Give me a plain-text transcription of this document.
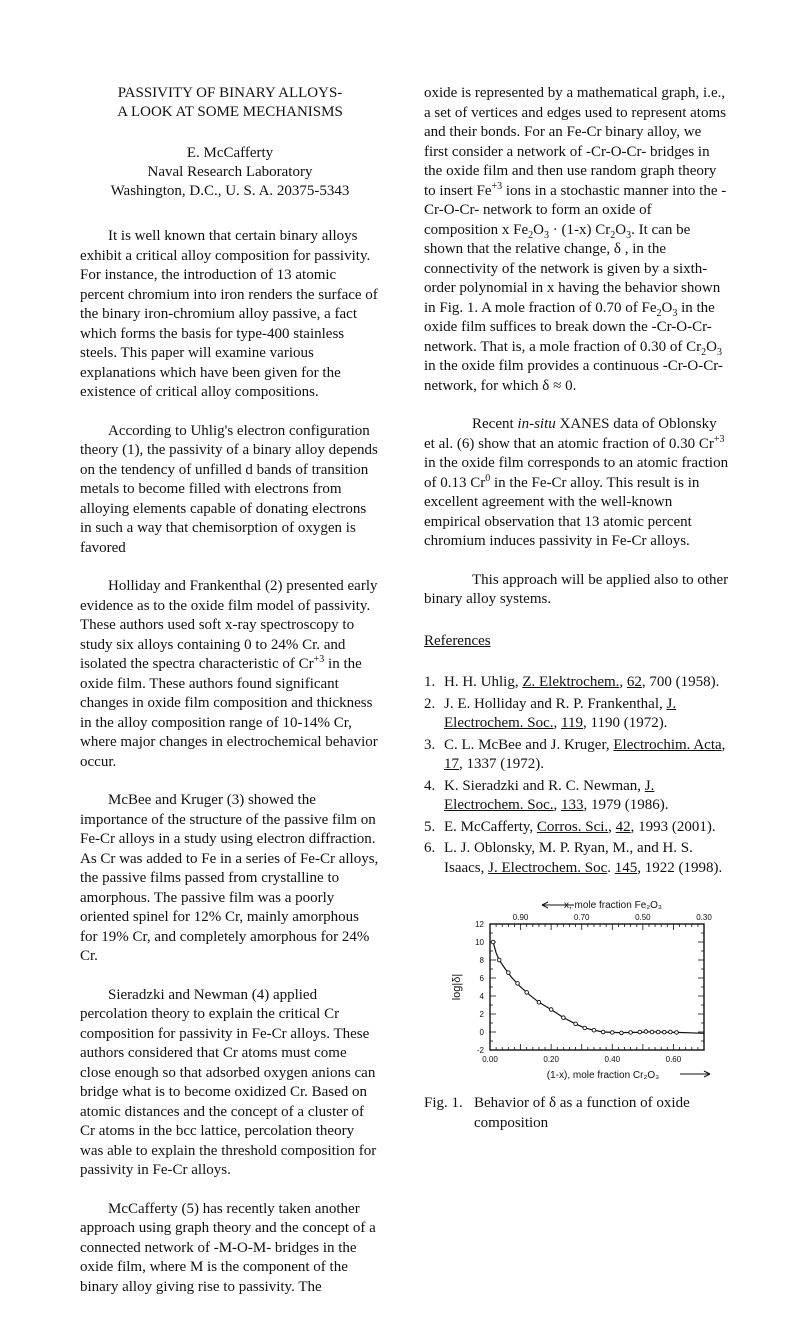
PASSIVITY OF BINARY ALLOYS-
A LOOK AT SOME MECHANISMS
E. McCafferty
Naval Research Laboratory
Washington, D.C., U. S. A. 20375-5343

It is well known that certain binary alloys exhibit a critical alloy composition for passivity. For instance, the introduction of 13 atomic percent chromium into iron renders the surface of the binary iron-chromium alloy passive, a fact which forms the basis for type-400 stainless steels. This paper will examine various explanations which have been given for the existence of critical alloy compositions.

According to Uhlig's electron configuration theory (1), the passivity of a binary alloy depends on the tendency of unfilled d bands of transition metals to become filled with electrons from alloying elements capable of donating electrons in such a way that chemisorption of oxygen is favored

Holliday and Frankenthal (2) presented early evidence as to the oxide film model of passivity. These authors used soft x-ray spectroscopy to study six alloys containing 0 to 24% Cr. and isolated the spectra characteristic of $Cr^{+3}$ in the oxide film. These authors found significant changes in oxide film composition and thickness in the alloy composition range of 10-14% Cr, where major changes in electrochemical behavior occur.

McBee and Kruger (3) showed the importance of the structure of the passive film on Fe-Cr alloys in a study using electron diffraction. As Cr was added to Fe in a series of Fe-Cr alloys, the passive films passed from crystalline to amorphous. The passive film was a poorly oriented spinel for 12% Cr, mainly amorphous for 19% Cr, and completely amorphous for 24% Cr.

Sieradzki and Newman (4) applied percolation theory to explain the critical Cr composition for passivity in Fe-Cr alloys. These authors considered that Cr atoms must come close enough so that adsorbed oxygen anions can bridge what is to become oxidized Cr. Based on atomic distances and the concept of a cluster of Cr atoms in the bcc lattice, percolation theory was able to explain the threshold composition for passivity in Fe-Cr alloys.

McCafferty (5) has recently taken another approach using graph theory and the concept of a connected network of -M-O-M- bridges in the oxide film, where M is the component of the binary alloy giving rise to passivity. The

oxide is represented by a mathematical graph, i.e., a set of vertices and edges used to represent atoms and their bonds. For an Fe-Cr binary alloy, we first consider a network of -Cr-O-Cr- bridges in the oxide film and then use random graph theory to insert $Fe^{+3}$ ions in a stochastic manner into the -Cr-O-Cr- network to form an oxide of composition x $Fe_2O_3 \cdot (1-x)$ $Cr_2O_3$. It can be shown that the relative change, δ , in the connectivity of the network is given by a sixth-order polynomial in x having the behavior shown in Fig. 1. A mole fraction of 0.70 of $Fe_2O_3$ in the oxide film suffices to break down the -Cr-O-Cr- network. That is, a mole fraction of 0.30 of $Cr_2O_3$ in the oxide film provides a continuous -Cr-O-Cr- network, for which δ ≈ 0.

Recent in-situ XANES data of Oblonsky et al. (6) show that an atomic fraction of 0.30 $Cr^{+3}$ in the oxide film corresponds to an atomic fraction of 0.13 Cr$^0$ in the Fe-Cr alloy. This result is in excellent agreement with the well-known empirical observation that 13 atomic percent chromium induces passivity in Fe-Cr alloys.

This approach will be applied also to other binary alloy systems.

References
1. H. H. Uhlig, Z. Elektrochem., 62, 700 (1958).
2. J. E. Holliday and R. P. Frankenthal, J. Electrochem. Soc., 119, 1190 (1972).
3. C. L. McBee and J. Kruger, Electrochim. Acta, 17, 1337 (1972).
4. K. Sieradzki and R. C. Newman, J. Electrochem. Soc., 133, 1979 (1986).
5. E. McCafferty, Corros. Sci., 42, 1993 (2001).
6. L. J. Oblonsky, M. P. Ryan, M., and H. S. Isaacs, J. Electrochem. Soc. 145, 1922 (1998).
0.00	0.20	0.40	0.60
0.90	0.70	0.50	0.30
12
10
8
6
4
2
0
-2
(1-x), mole fraction Cr₂O₃
x, mole fraction Fe₂O₃
log|δ|
Fig. 1. Behavior of δ as a function of oxide composition
